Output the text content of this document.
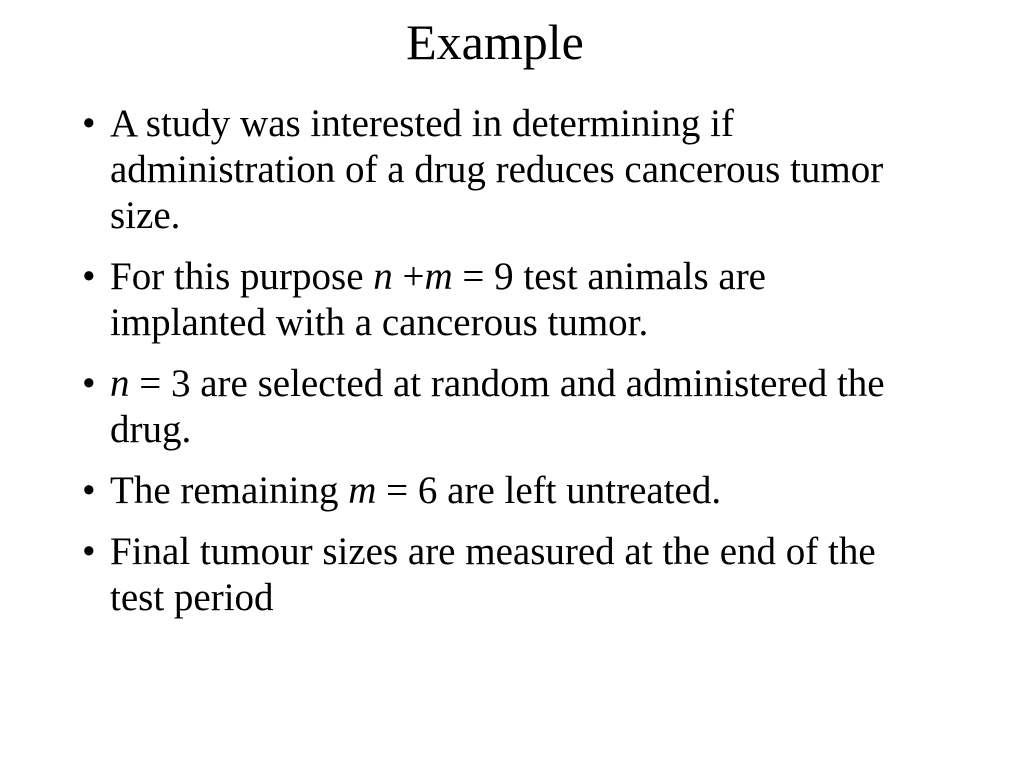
Example
• A study was interested in determining if administration of a drug reduces cancerous tumor size.
• For this purpose n +m = 9 test animals are implanted with a cancerous tumor.
• n = 3 are selected at random and administered the drug.
• The remaining m = 6 are left untreated.
• Final tumour sizes are measured at the end of the test period
